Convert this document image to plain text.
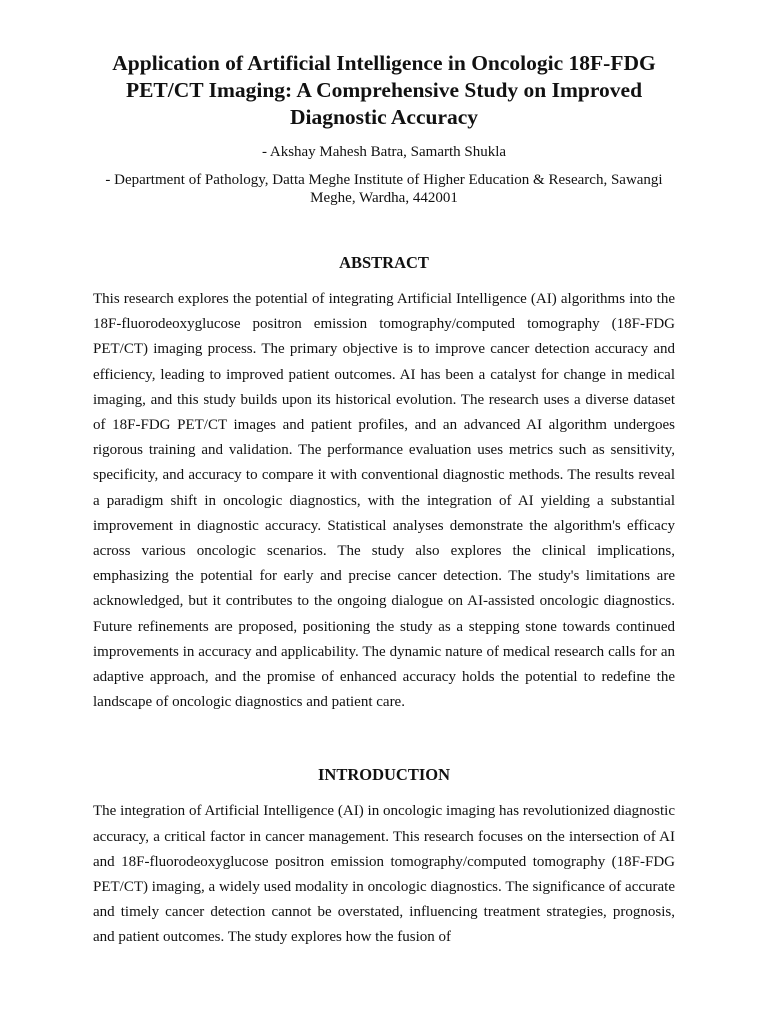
Application of Artificial Intelligence in Oncologic 18F-FDG PET/CT Imaging: A Comprehensive Study on Improved Diagnostic Accuracy
- Akshay Mahesh Batra, Samarth Shukla
- Department of Pathology, Datta Meghe Institute of Higher Education & Research, Sawangi Meghe, Wardha, 442001
ABSTRACT

This research explores the potential of integrating Artificial Intelligence (AI) algorithms into the 18F-fluorodeoxyglucose positron emission tomography/computed tomography (18F-FDG PET/CT) imaging process. The primary objective is to improve cancer detection accuracy and efficiency, leading to improved patient outcomes. AI has been a catalyst for change in medical imaging, and this study builds upon its historical evolution. The research uses a diverse dataset of 18F-FDG PET/CT images and patient profiles, and an advanced AI algorithm undergoes rigorous training and validation. The performance evaluation uses metrics such as sensitivity, specificity, and accuracy to compare it with conventional diagnostic methods. The results reveal a paradigm shift in oncologic diagnostics, with the integration of AI yielding a substantial improvement in diagnostic accuracy. Statistical analyses demonstrate the algorithm's efficacy across various oncologic scenarios. The study also explores the clinical implications, emphasizing the potential for early and precise cancer detection. The study's limitations are acknowledged, but it contributes to the ongoing dialogue on AI-assisted oncologic diagnostics. Future refinements are proposed, positioning the study as a stepping stone towards continued improvements in accuracy and applicability. The dynamic nature of medical research calls for an adaptive approach, and the promise of enhanced accuracy holds the potential to redefine the landscape of oncologic diagnostics and patient care.

INTRODUCTION

The integration of Artificial Intelligence (AI) in oncologic imaging has revolutionized diagnostic accuracy, a critical factor in cancer management. This research focuses on the intersection of AI and 18F-fluorodeoxyglucose positron emission tomography/computed tomography (18F-FDG PET/CT) imaging, a widely used modality in oncologic diagnostics. The significance of accurate and timely cancer detection cannot be overstated, influencing treatment strategies, prognosis, and patient outcomes. The study explores how the fusion of
